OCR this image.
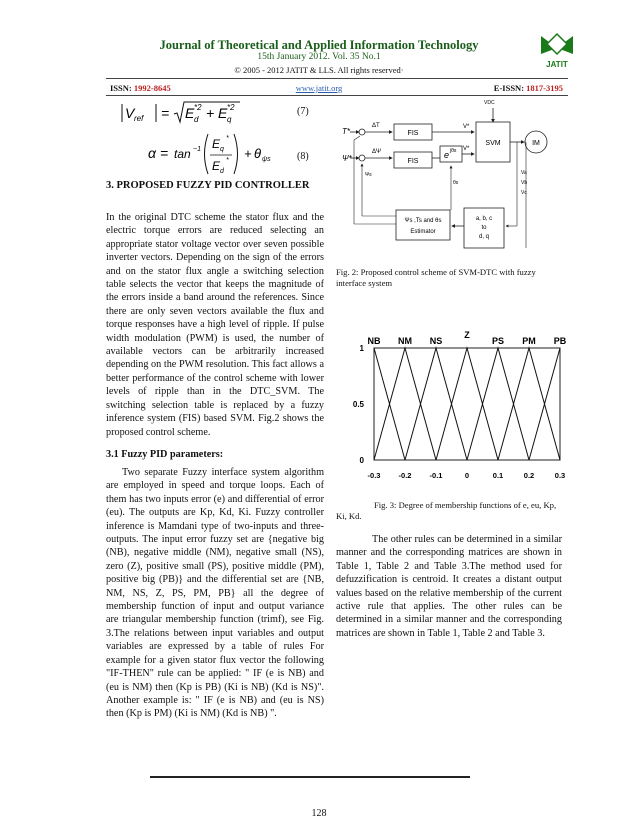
Journal of Theoretical and Applied Information Technology
15th January 2012. Vol. 35 No.1
© 2005 - 2012 JATIT & LLS. All rights reserved·
JATIT
ISSN: 1992-8645	www.jatit.org	E-ISSN: 1817-3195
V ref = E d
*2 + E q
*2	(7)
α = tan −1 E q
*
E d
* + θ ψs	(8)
3. PROPOSED FUZZY PID CONTROLLER
In the original DTC scheme the stator flux and the electric torque errors are reduced selecting an appropriate stator voltage vector over seven possible inverter vectors. Depending on the sign of the errors and on the stator flux angle a switching selection table selects the vector that keeps the magnitude of the errors inside a band around the references. Since there are only seven vectors available the flux and torque responses have a high level of ripple. If pulse width modulation (PWM) is used, the number of available vectors can be arbitrarily increased depending on the PWM resolution. This fact allows a better performance of the control scheme with lower levels of ripple than in the DTC_SVM. The switching selection table is replaced by a fuzzy inference system (FIS) based SVM. Fig.2 shows the proposed control scheme.
3.1 Fuzzy PID parameters:
Two separate Fuzzy interface system algorithm are employed in speed and torque loops. Each of them has two inputs error (e) and differential of error (eu). The outputs are Kp, Kd, Ki. Fuzzy controller inference is Mamdani type of two-inputs and three-outputs. The input error fuzzy set are {negative big (NB), negative middle (NM), negative small (NS), zero (Z), positive small (PS), positive middle (PM), positive big (PB)} and the differential set are {NB, NM, NS, Z, PS, PM, PB} all the degree of membership function of input and output variance are triangular membership function (trimf), see Fig. 3.The relations between input variables and output variables are expressed by a table of rules For example for a given stator flux vector the following "IF-THEN" rule can be applied: " IF (e is NB) and (eu is NM) then (Kp is PB) (Ki is NB) (Kd is NS)". Another example is: " IF (e is NB) and (eu is NS) then (Kp is PM) (Ki is NM) (Kd is NB) ".
T*
Ψ*
ΔT
ΔΨ
FIS
FIS
e jθs
V*
V*
SVM
VDC
IM
Va
Vb
Vc
a, b, c
to
d, q
Ψs ,Ts and θs
Estimator
θs
Ψs
Fig. 2: Proposed control scheme of SVM-DTC with fuzzy interface system
1
0.5
0
-0.3 -0.2 -0.1	0	0.1	0.2	0.3
NB NM NS
Z
PS PM PB
Fig. 3: Degree of membership functions of e, eu, Kp, Ki, Kd.
The other rules can be determined in a similar manner and the corresponding matrices are shown in Table 1, Table 2 and Table 3.The method used for defuzzification is centroid. It creates a distant output values based on the relative membership of the current active rule that applies. The other rules can be determined in a similar manner and the corresponding matrices are shown in Table 1, Table 2 and Table 3.
128
